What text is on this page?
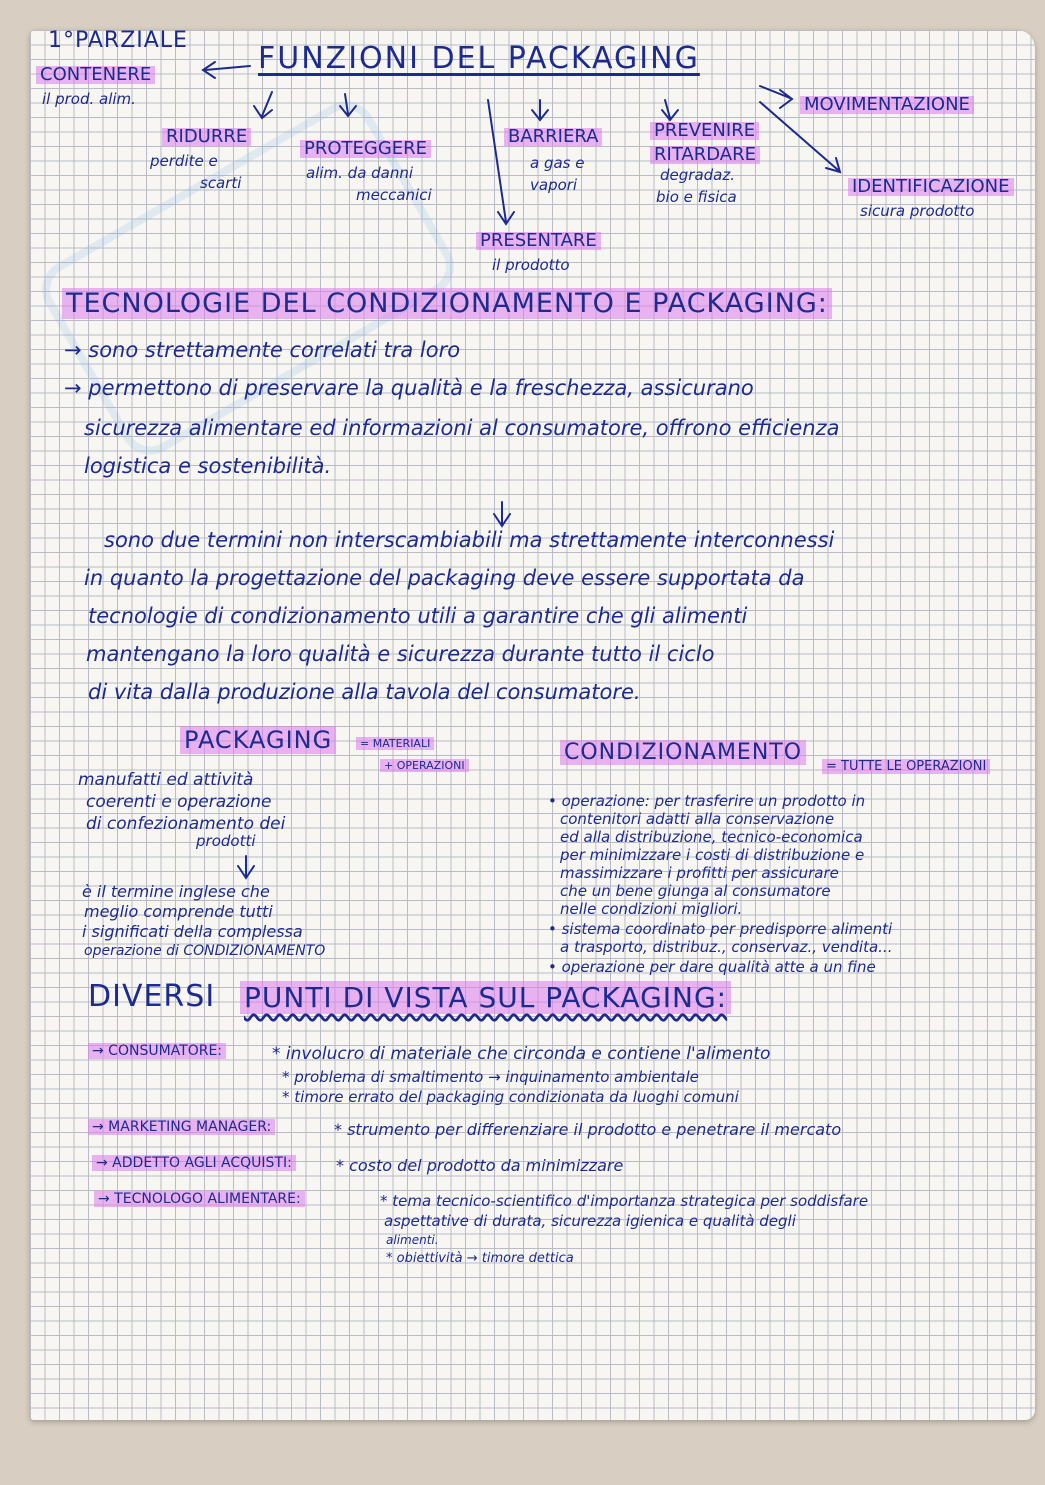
1°PARZIALE
FUNZIONI DEL PACKAGING
CONTENERE
il prod. alim.
RIDURRE
perdite e
scarti
PROTEGGERE
alim. da danni
meccanici
BARRIERA
a gas e
vapori
PREVENIRE
RITARDARE
degradaz.
bio e fisica
MOVIMENTAZIONE
IDENTIFICAZIONE
sicura prodotto
PRESENTARE
il prodotto
TECNOLOGIE DEL CONDIZIONAMENTO E PACKAGING:
→ sono strettamente correlati tra loro
→ permettono di preservare la qualità e la freschezza, assicurano
sicurezza alimentare ed informazioni al consumatore, offrono efficienza
logistica e sostenibilità.
sono due termini non interscambiabili ma strettamente interconnessi
in quanto la progettazione del packaging deve essere supportata da
tecnologie di condizionamento utili a garantire che gli alimenti
mantengano la loro qualità e sicurezza durante tutto il ciclo
di vita dalla produzione alla tavola del consumatore.
PACKAGING	= MATERIALI
+ OPERAZIONI
manufatti ed attività
coerenti e operazione
di confezionamento dei
prodotti
è il termine inglese che
meglio comprende tutti
i significati della complessa
operazione di CONDIZIONAMENTO
CONDIZIONAMENTO
= TUTTE LE OPERAZIONI
• operazione: per trasferire un prodotto in
contenitori adatti alla conservazione
ed alla distribuzione, tecnico-economica
per minimizzare i costi di distribuzione e
massimizzare i profitti per assicurare
che un bene giunga al consumatore
nelle condizioni migliori.
• sistema coordinato per predisporre alimenti
a trasporto, distribuz., conservaz., vendita...
• operazione per dare qualità atte a un fine
DIVERSI PUNTI DI VISTA SUL PACKAGING:
→ CONSUMATORE:	* involucro di materiale che circonda e contiene l'alimento
* problema di smaltimento → inquinamento ambientale
* timore errato del packaging condizionata da luoghi comuni
→ MARKETING MANAGER:	* strumento per differenziare il prodotto e penetrare il mercato
→ ADDETTO AGLI ACQUISTI:	* costo del prodotto da minimizzare
→ TECNOLOGO ALIMENTARE:	* tema tecnico-scientifico d'importanza strategica per soddisfare
aspettative di durata, sicurezza igienica e qualità degli
alimenti.
* obiettività → timore dettica
